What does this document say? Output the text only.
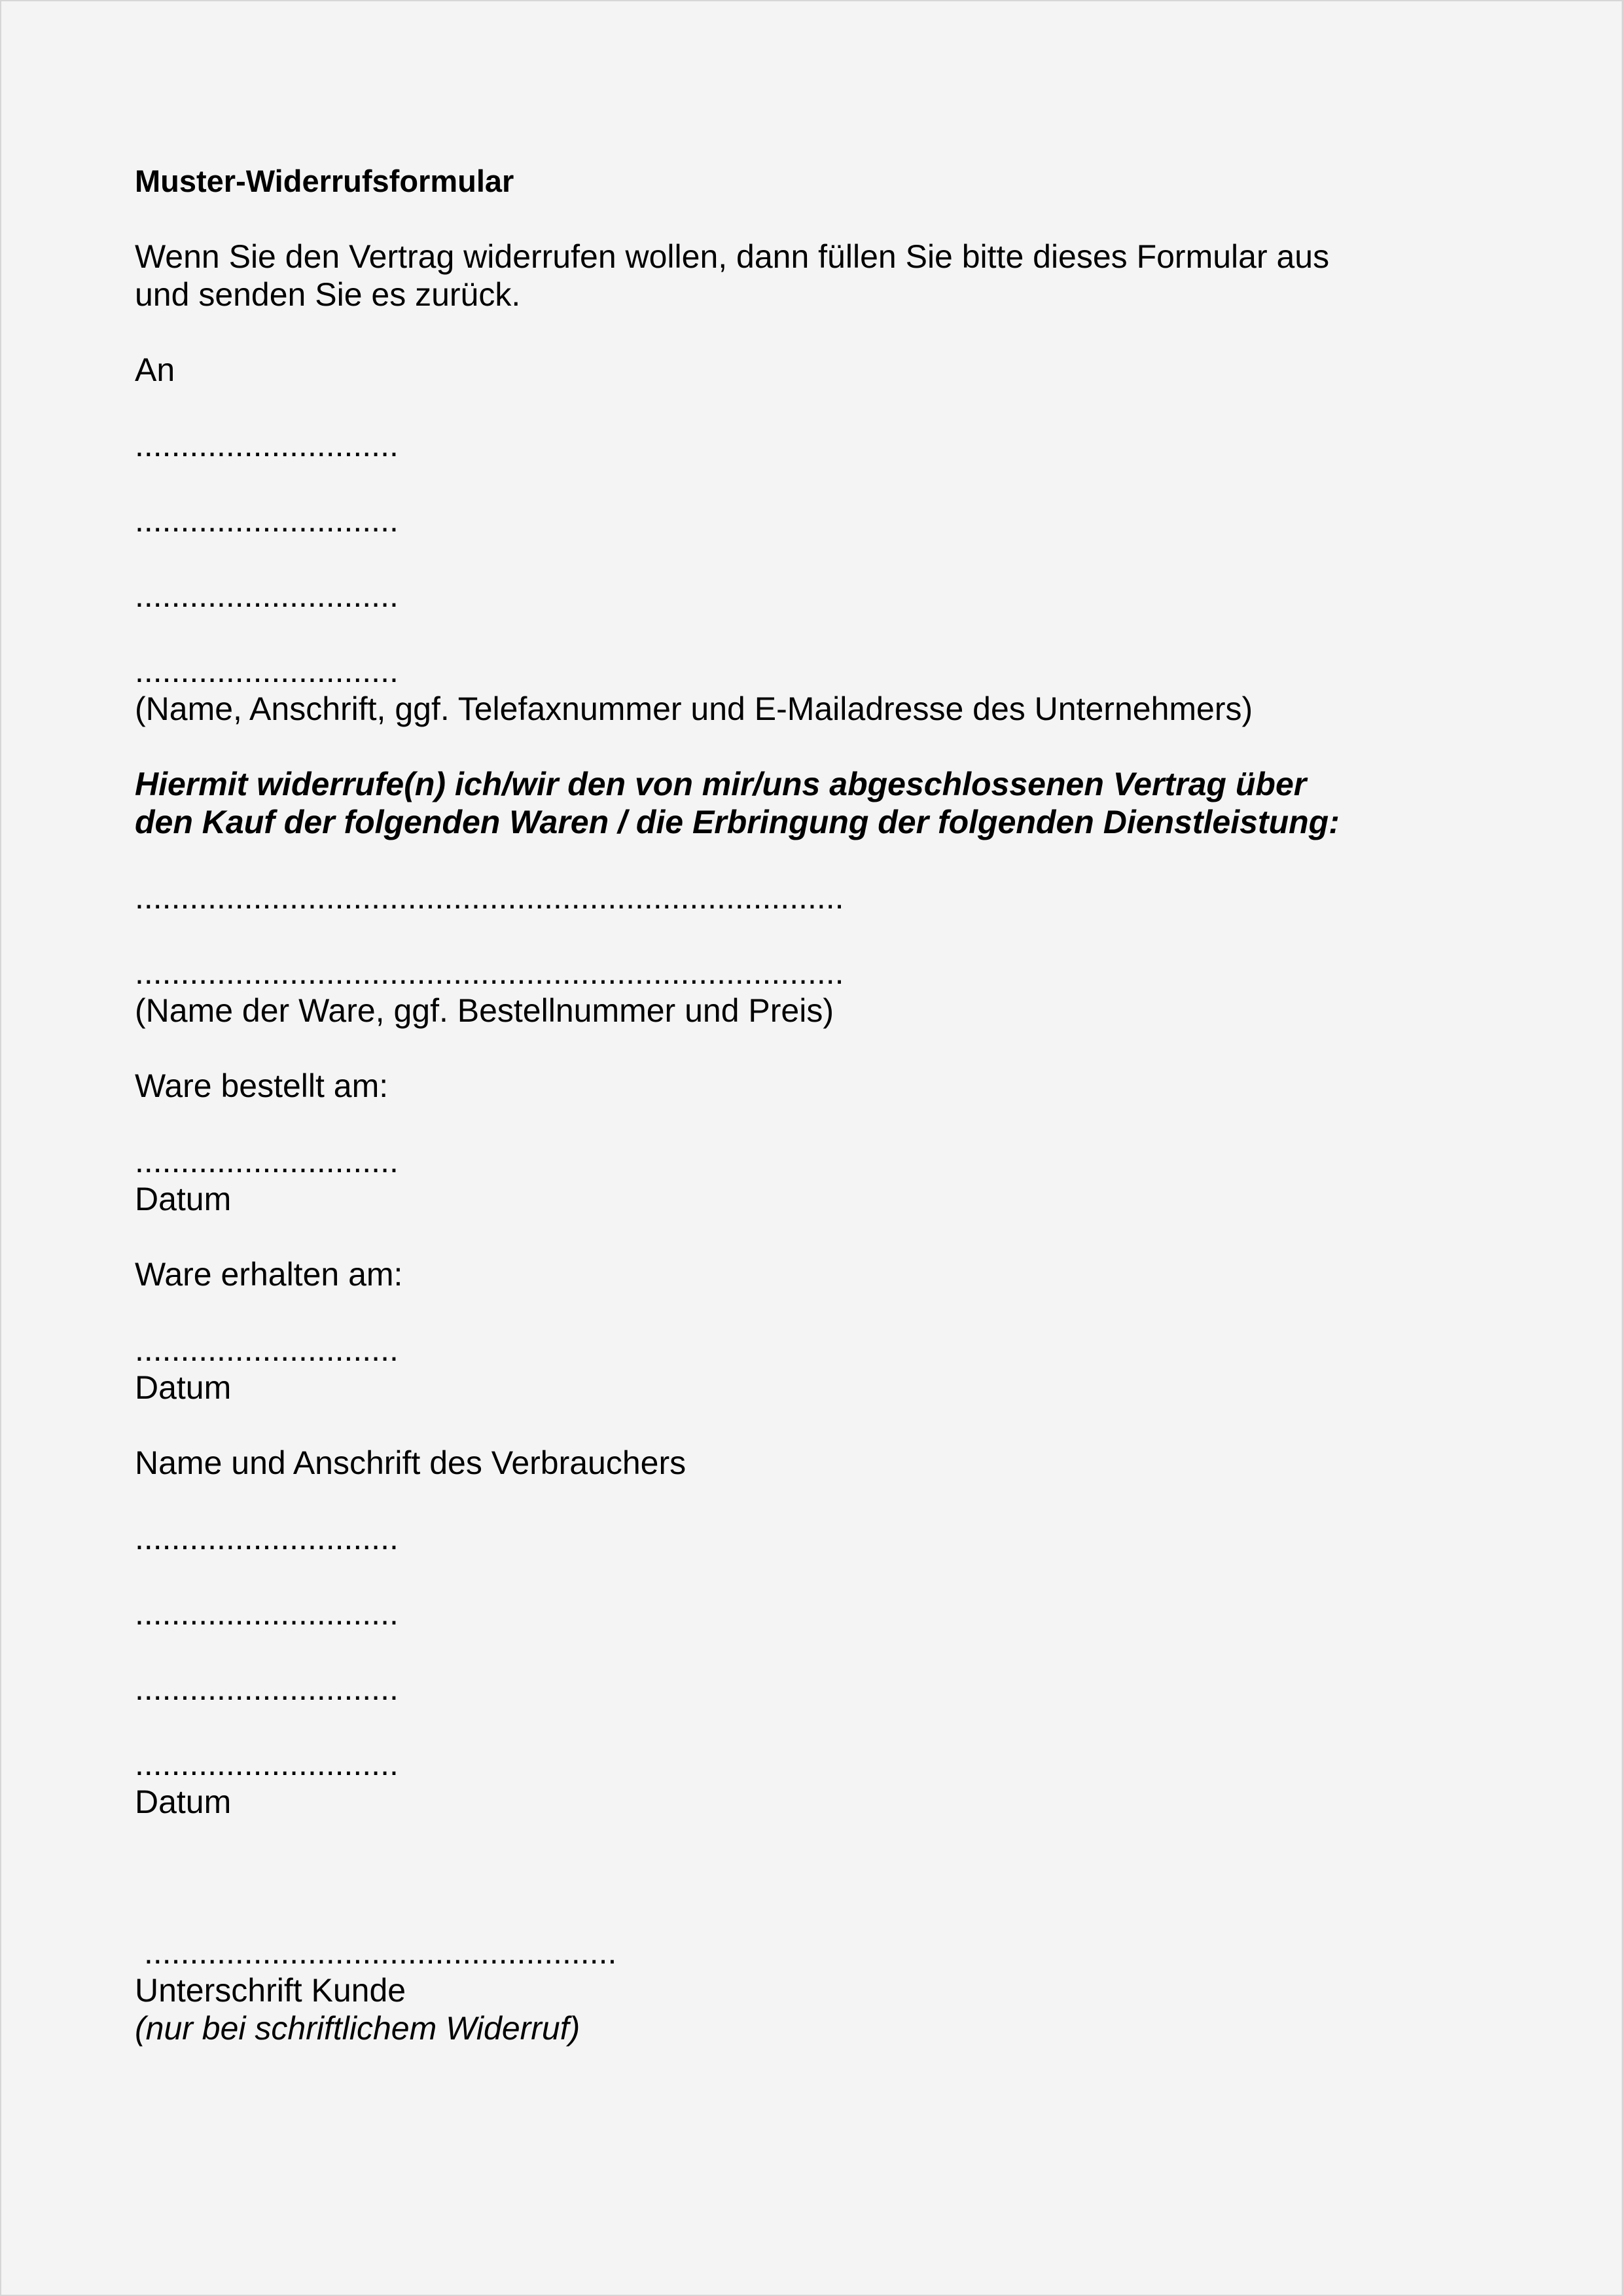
Muster-Widerrufsformular
Wenn Sie den Vertrag widerrufen wollen, dann füllen Sie bitte dieses Formular aus
und senden Sie es zurück.
An
.............................
.............................
.............................
.............................
(Name, Anschrift, ggf. Telefaxnummer und E-Mailadresse des Unternehmers)
Hiermit widerrufe(n) ich/wir den von mir/uns abgeschlossenen Vertrag über
den Kauf der folgenden Waren / die Erbringung der folgenden Dienstleistung:
..............................................................................
..............................................................................
(Name der Ware, ggf. Bestellnummer und Preis)
Ware bestellt am:
.............................
Datum
Ware erhalten am:
.............................
Datum
Name und Anschrift des Verbrauchers
.............................
.............................
.............................
.............................
Datum
....................................................
Unterschrift Kunde
(nur bei schriftlichem Widerruf)
